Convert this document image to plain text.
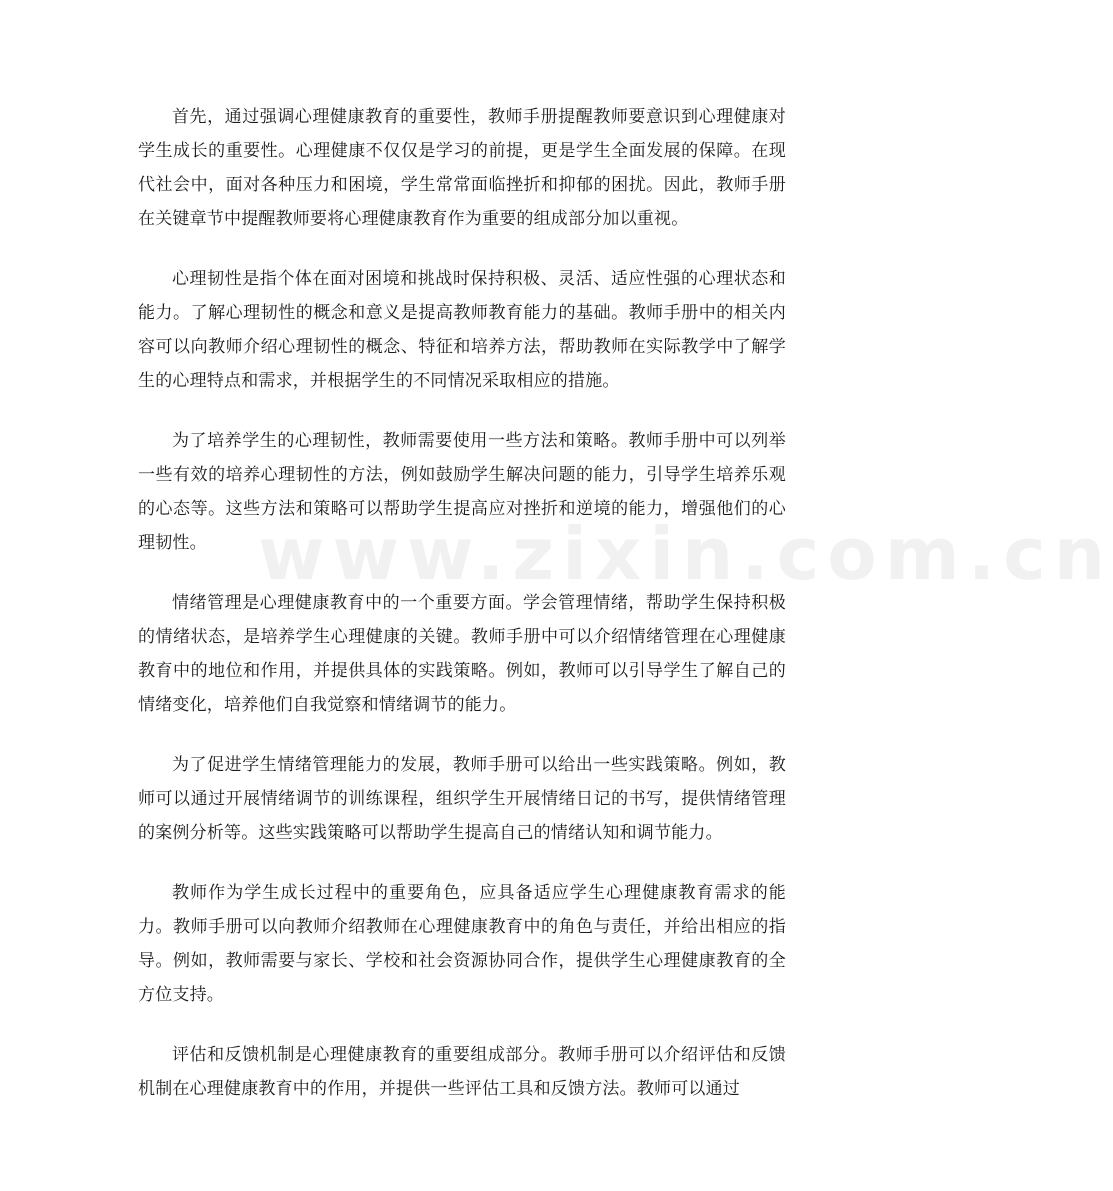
首先，通过强调心理健康教育的重要性，教师手册提醒教师要意识到心理健康对学生成长的重要性。心理健康不仅仅是学习的前提，更是学生全面发展的保障。在现代社会中，面对各种压力和困境，学生常常面临挫折和抑郁的困扰。因此，教师手册在关键章节中提醒教师要将心理健康教育作为重要的组成部分加以重视。

心理韧性是指个体在面对困境和挑战时保持积极、灵活、适应性强的心理状态和能力。了解心理韧性的概念和意义是提高教师教育能力的基础。教师手册中的相关内容可以向教师介绍心理韧性的概念、特征和培养方法，帮助教师在实际教学中了解学生的心理特点和需求，并根据学生的不同情况采取相应的措施。

为了培养学生的心理韧性，教师需要使用一些方法和策略。教师手册中可以列举一些有效的培养心理韧性的方法，例如鼓励学生解决问题的能力，引导学生培养乐观的心态等。这些方法和策略可以帮助学生提高应对挫折和逆境的能力，增强他们的心理韧性。

情绪管理是心理健康教育中的一个重要方面。学会管理情绪，帮助学生保持积极的情绪状态，是培养学生心理健康的关键。教师手册中可以介绍情绪管理在心理健康教育中的地位和作用，并提供具体的实践策略。例如，教师可以引导学生了解自己的情绪变化，培养他们自我觉察和情绪调节的能力。

为了促进学生情绪管理能力的发展，教师手册可以给出一些实践策略。例如，教师可以通过开展情绪调节的训练课程，组织学生开展情绪日记的书写，提供情绪管理的案例分析等。这些实践策略可以帮助学生提高自己的情绪认知和调节能力。

教师作为学生成长过程中的重要角色，应具备适应学生心理健康教育需求的能力。教师手册可以向教师介绍教师在心理健康教育中的角色与责任，并给出相应的指导。例如，教师需要与家长、学校和社会资源协同合作，提供学生心理健康教育的全方位支持。

评估和反馈机制是心理健康教育的重要组成部分。教师手册可以介绍评估和反馈机制在心理健康教育中的作用，并提供一些评估工具和反馈方法。教师可以通过

www.zixin.com.cn
